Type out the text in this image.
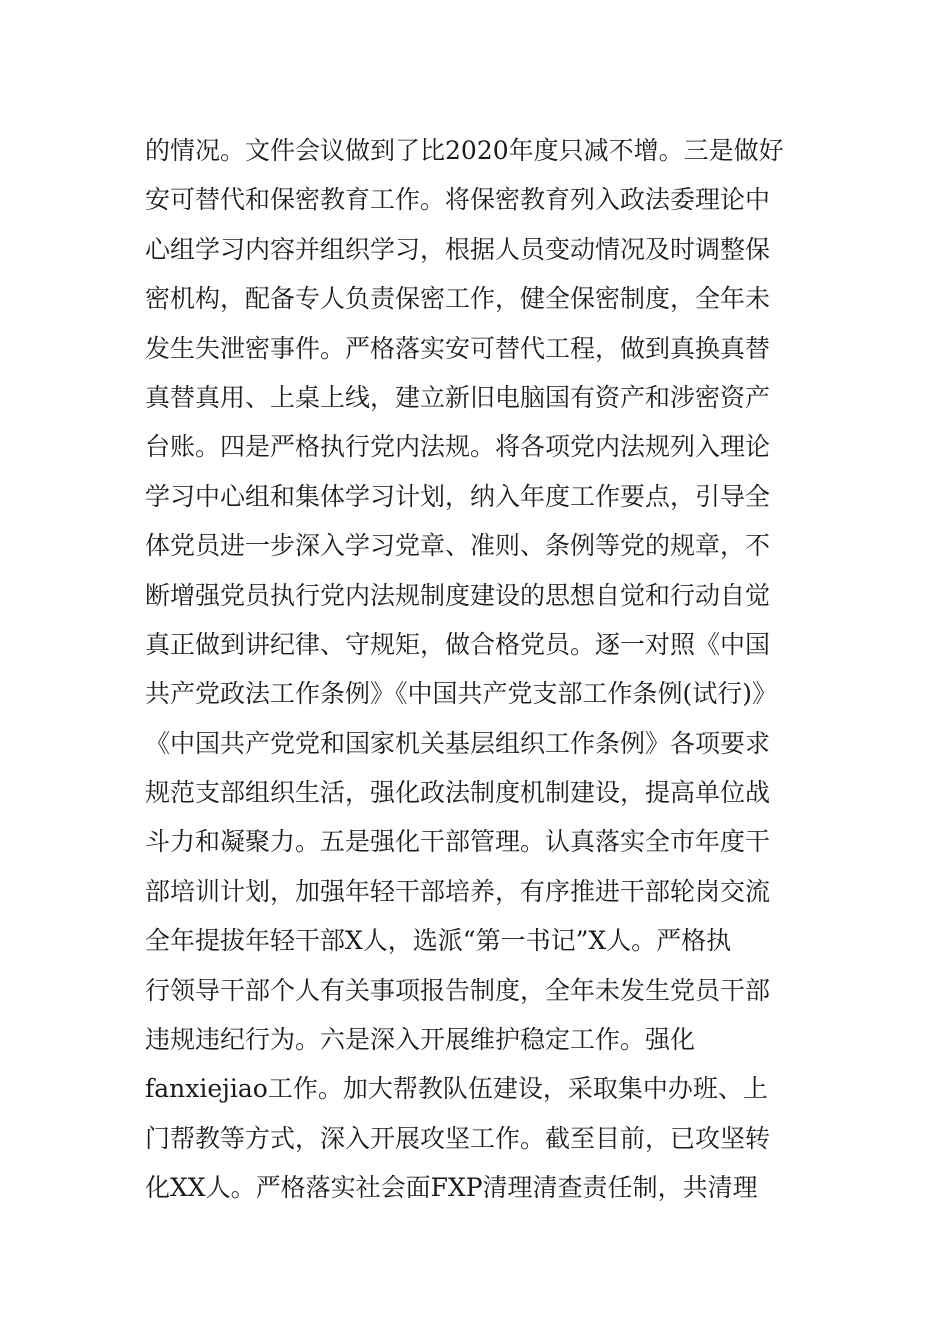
的情况。文件会议做到了比2020年度只减不增。三是做好
安可替代和保密教育工作。将保密教育列入政法委理论中
心组学习内容并组织学习，根据人员变动情况及时调整保
密机构，配备专人负责保密工作，健全保密制度，全年未
发生失泄密事件。严格落实安可替代工程，做到真换真替
真替真用、上桌上线，建立新旧电脑国有资产和涉密资产
台账。四是严格执行党内法规。将各项党内法规列入理论
学习中心组和集体学习计划，纳入年度工作要点，引导全
体党员进一步深入学习党章、准则、条例等党的规章，不
断增强党员执行党内法规制度建设的思想自觉和行动自觉
真正做到讲纪律、守规矩，做合格党员。逐一对照《中国
共产党政法工作条例》《中国共产党支部工作条例(试行)》
《中国共产党党和国家机关基层组织工作条例》各项要求
规范支部组织生活，强化政法制度机制建设，提高单位战
斗力和凝聚力。五是强化干部管理。认真落实全市年度干
部培训计划，加强年轻干部培养，有序推进干部轮岗交流
全年提拔年轻干部X人，选派“第一书记”X人。严格执
行领导干部个人有关事项报告制度，全年未发生党员干部
违规违纪行为。六是深入开展维护稳定工作。强化
fanxiejiao工作。加大帮教队伍建设，采取集中办班、上
门帮教等方式，深入开展攻坚工作。截至目前，已攻坚转
化XX人。严格落实社会面FXP清理清查责任制，共清理
